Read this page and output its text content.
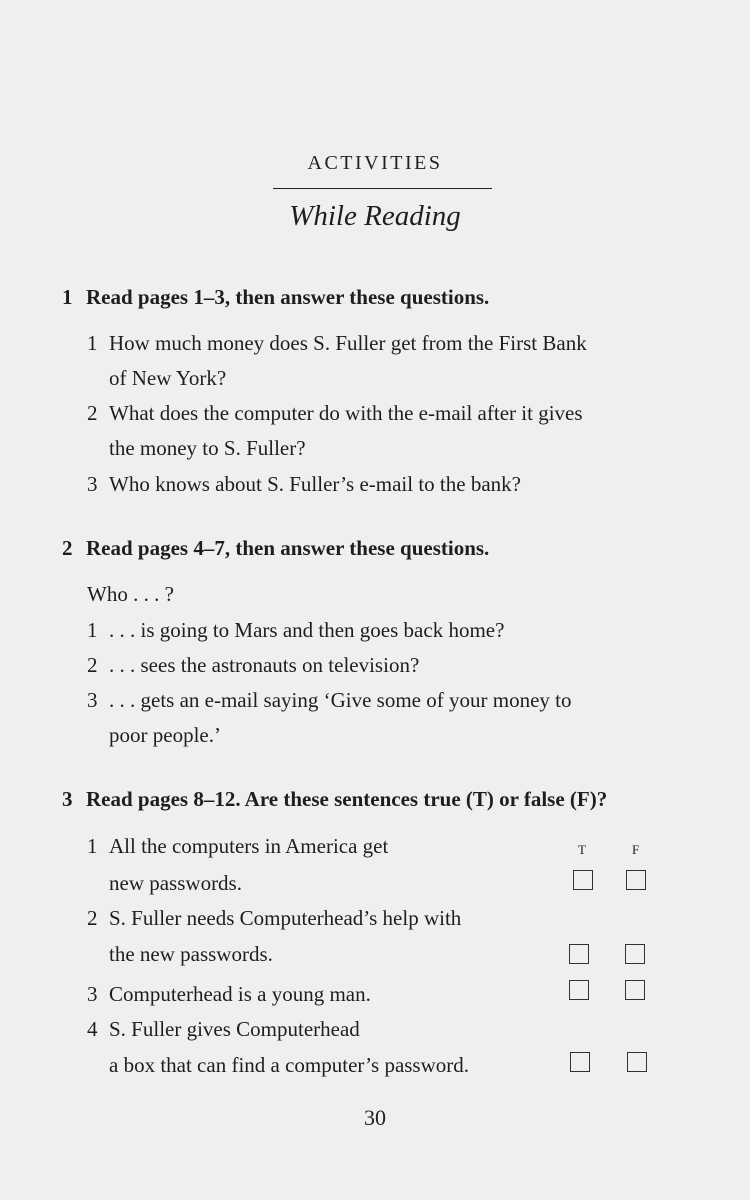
ACTIVITIES
While Reading
1 Read pages 1–3, then answer these questions.
1 How much money does S. Fuller get from the First Bank
of New York?
2 What does the computer do with the e-mail after it gives
the money to S. Fuller?
3 Who knows about S. Fuller’s e-mail to the bank?
2 Read pages 4–7, then answer these questions.
Who . . . ?
1 . . . is going to Mars and then goes back home?
2 . . . sees the astronauts on television?
3 . . . gets an e-mail saying ‘Give some of your money to
poor people.’
3 Read pages 8–12. Are these sentences true (T) or false (F)?
T	F
1 All the computers in America get
new passwords.
2 S. Fuller needs Computerhead’s help with
the new passwords.
3 Computerhead is a young man.
4 S. Fuller gives Computerhead
a box that can find a computer’s password.
30
